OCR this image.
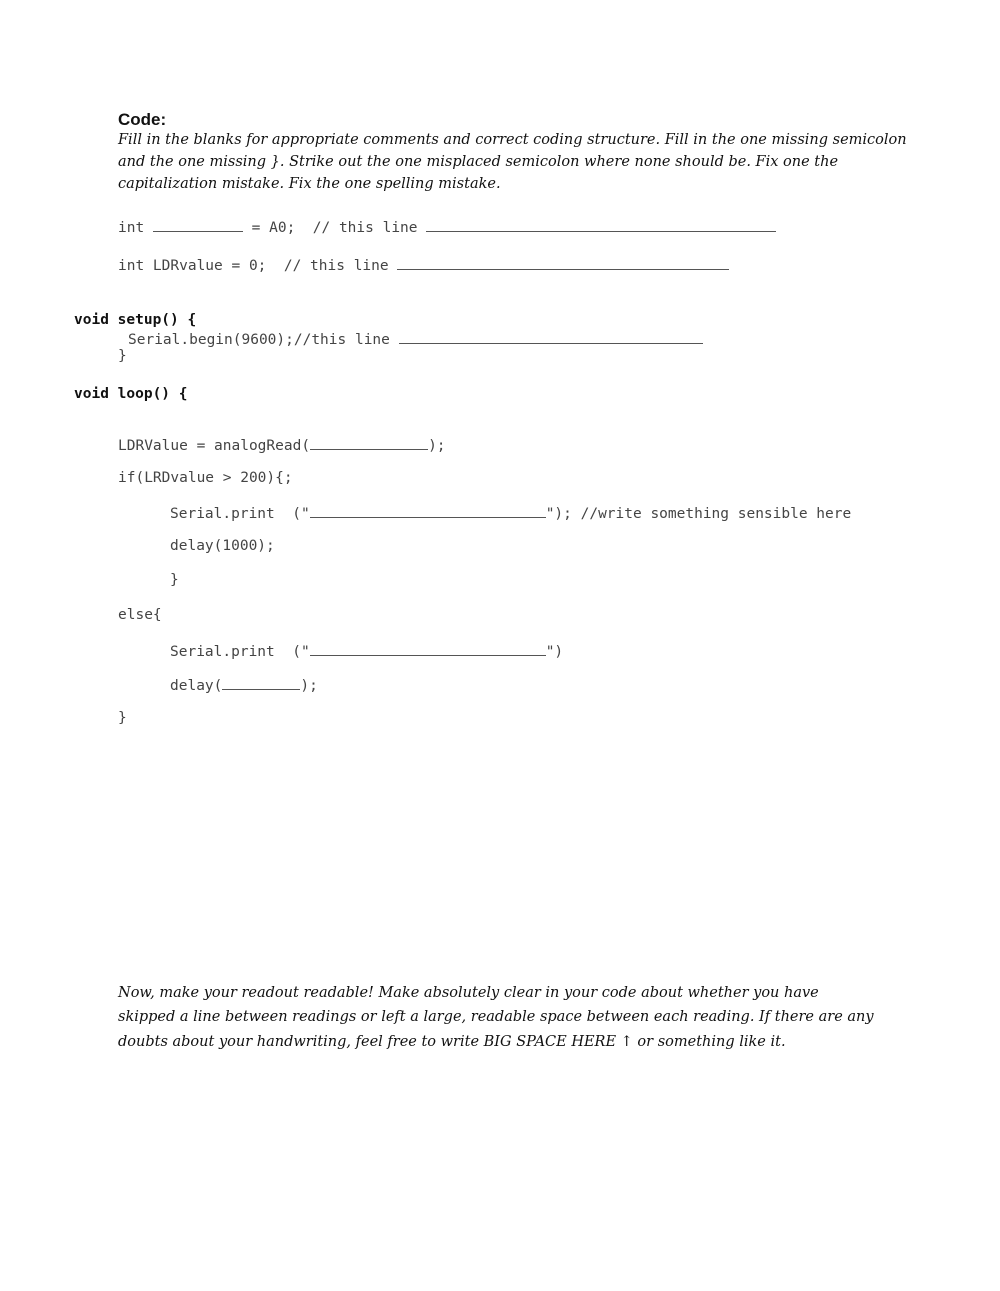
Code:
Fill in the blanks for appropriate comments and correct coding structure. Fill in the one missing semicolon
and the one missing }. Strike out the one misplaced semicolon where none should be. Fix one the
capitalization mistake. Fix the one spelling mistake.
int	= A0;  // this line
int LDRvalue = 0;  // this line
void setup() {
Serial.begin(9600);//this line
}
void loop() {
LDRValue = analogRead(	);
if(LRDvalue > 200){;
Serial.print  ("	"); //write something sensible here
delay(1000);
}
else{
Serial.print  ("	")
delay(	);
}
Now, make your readout readable! Make absolutely clear in your code about whether you have
skipped a line between readings or left a large, readable space between each reading. If there are any
doubts about your handwriting, feel free to write BIG SPACE HERE ↑ or something like it.
